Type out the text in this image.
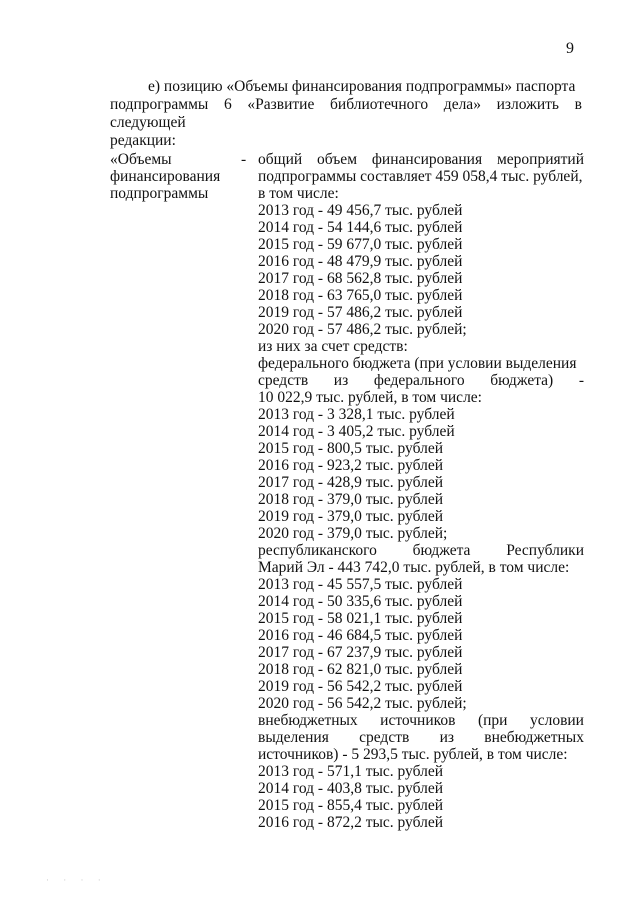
9
е) позицию «Объемы финансирования подпрограммы» паспорта
подпрограммы 6 «Развитие библиотечного дела» изложить в следующей
редакции:
«Объемы
финансирования
подпрограммы
- общий объем финансирования мероприятий
подпрограммы составляет 459 058,4 тыс. рублей,
в том числе:
2013 год - 49 456,7 тыс. рублей
2014 год - 54 144,6 тыс. рублей
2015 год - 59 677,0 тыс. рублей
2016 год - 48 479,9 тыс. рублей
2017 год - 68 562,8 тыс. рублей
2018 год - 63 765,0 тыс. рублей
2019 год - 57 486,2 тыс. рублей
2020 год - 57 486,2 тыс. рублей;
из них за счет средств:
федерального бюджета (при условии выделения
средств из федерального бюджета) -
10 022,9 тыс. рублей, в том числе:
2013 год - 3 328,1 тыс. рублей
2014 год - 3 405,2 тыс. рублей
2015 год - 800,5 тыс. рублей
2016 год - 923,2 тыс. рублей
2017 год - 428,9 тыс. рублей
2018 год - 379,0 тыс. рублей
2019 год - 379,0 тыс. рублей
2020 год - 379,0 тыс. рублей;
республиканского бюджета Республики
Марий Эл - 443 742,0 тыс. рублей, в том числе:
2013 год - 45 557,5 тыс. рублей
2014 год - 50 335,6 тыс. рублей
2015 год - 58 021,1 тыс. рублей
2016 год - 46 684,5 тыс. рублей
2017 год - 67 237,9 тыс. рублей
2018 год - 62 821,0 тыс. рублей
2019 год - 56 542,2 тыс. рублей
2020 год - 56 542,2 тыс. рублей;
внебюджетных источников (при условии
выделения средств из внебюджетных
источников) - 5 293,5 тыс. рублей, в том числе:
2013 год - 571,1 тыс. рублей
2014 год - 403,8 тыс. рублей
2015 год - 855,4 тыс. рублей
2016 год - 872,2 тыс. рублей
· · · ·
